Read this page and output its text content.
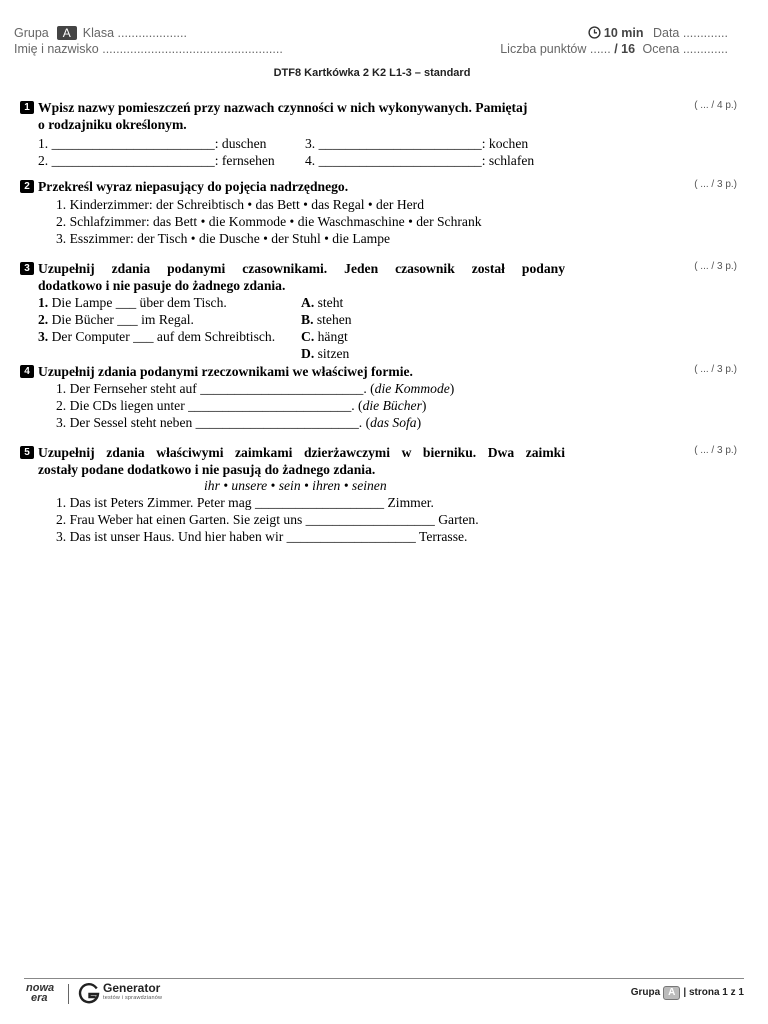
Grupa A Klasa ....................
Imię i nazwisko ....................................................
10 min Data .............
Liczba punktów ...... / 16 Ocena .............
DTF8 Kartkówka 2 K2 L1-3 – standard
1	( ... / 4 p.)
Wpisz nazwy pomieszczeń przy nazwach czynności w nich wykonywanych. Pamiętaj
o rodzajniku określonym.
1. ________________________: duschen	3. ________________________: kochen
2. ________________________: fernsehen 4. ________________________: schlafen
2	( ... / 3 p.)
Przekreśl wyraz niepasujący do pojęcia nadrzędnego.
1. Kinderzimmer: der Schreibtisch • das Bett • das Regal • der Herd
2. Schlafzimmer: das Bett • die Kommode • die Waschmaschine • der Schrank
3. Esszimmer: der Tisch • die Dusche • der Stuhl • die Lampe
3	( ... / 3 p.)
Uzupełnij zdania podanymi czasownikami. Jeden czasownik został podany
dodatkowo i nie pasuje do żadnego zdania.
1. Die Lampe ___ über dem Tisch.
2. Die Bücher ___ im Regal.
3. Der Computer ___ auf dem Schreibtisch.
A. steht
B. stehen
C. hängt
D. sitzen
4	( ... / 3 p.)
Uzupełnij zdania podanymi rzeczownikami we właściwej formie.
1. Der Fernseher steht auf ________________________. (die Kommode)
2. Die CDs liegen unter ________________________. (die Bücher)
3. Der Sessel steht neben ________________________. (das Sofa)
5	( ... / 3 p.)
Uzupełnij zdania właściwymi zaimkami dzierżawczymi w bierniku. Dwa zaimki
zostały podane dodatkowo i nie pasują do żadnego zdania.
ihr • unsere • sein • ihren • seinen
1. Das ist Peters Zimmer. Peter mag ___________________ Zimmer.
2. Frau Weber hat einen Garten. Sie zeigt uns ___________________ Garten.
3. Das ist unser Haus. Und hier haben wir ___________________ Terrasse.
nowa
era
Generator
testów i sprawdzianów	Grupa A | strona 1 z 1
